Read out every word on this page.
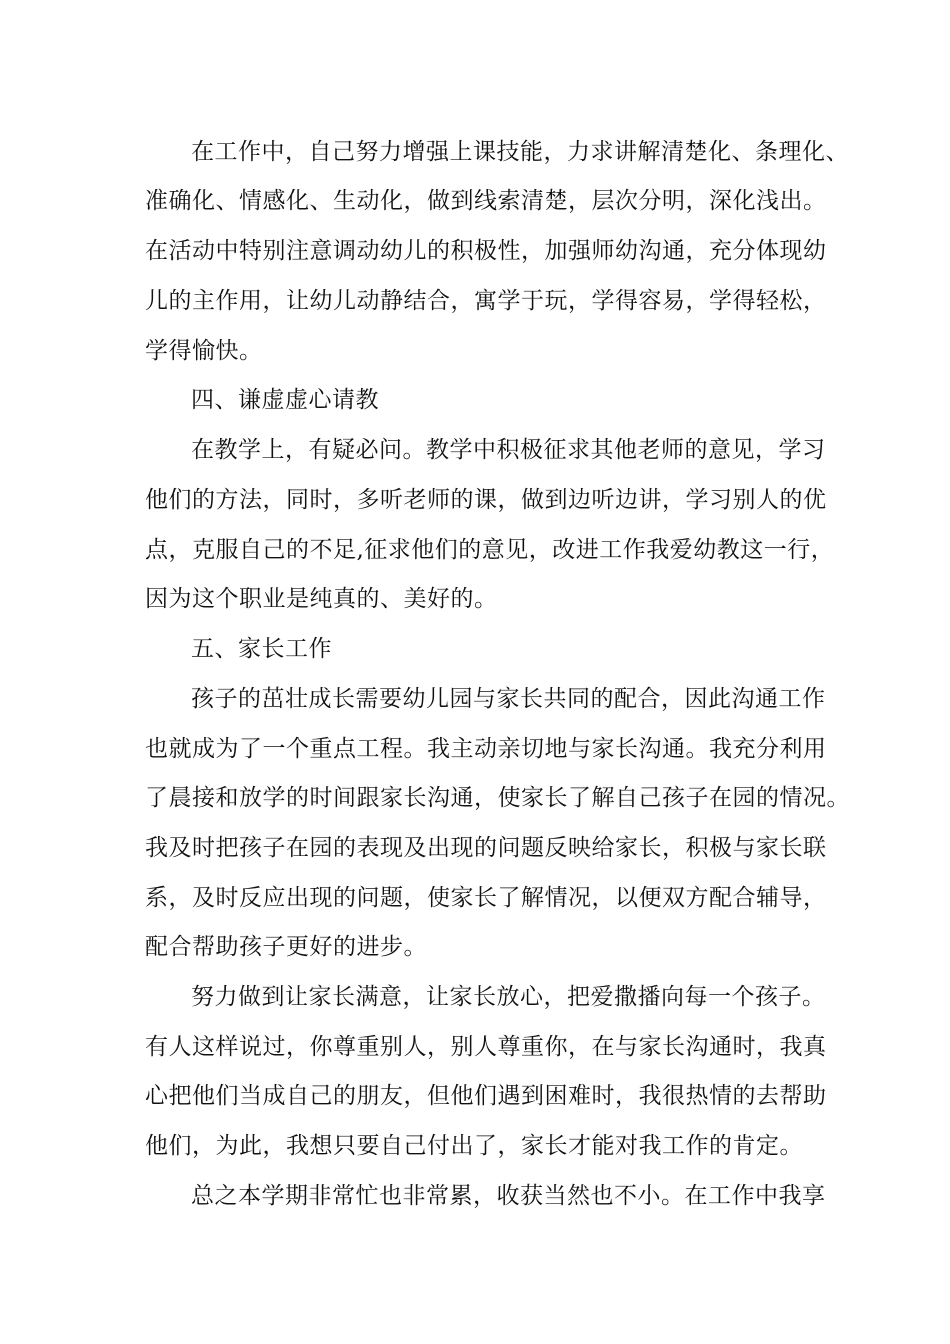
在工作中，自己努力增强上课技能，力求讲解清楚化、条理化、
准确化、情感化、生动化，做到线索清楚，层次分明，深化浅出。
在活动中特别注意调动幼儿的积极性，加强师幼沟通，充分体现幼
儿的主作用，让幼儿动静结合，寓学于玩，学得容易，学得轻松，
学得愉快。
四、谦虚虚心请教
在教学上，有疑必问。教学中积极征求其他老师的意见，学习
他们的方法，同时，多听老师的课，做到边听边讲，学习别人的优
点，克服自己的不足,征求他们的意见，改进工作我爱幼教这一行，
因为这个职业是纯真的、美好的。
五、家长工作
孩子的茁壮成长需要幼儿园与家长共同的配合，因此沟通工作
也就成为了一个重点工程。我主动亲切地与家长沟通。我充分利用
了晨接和放学的时间跟家长沟通，使家长了解自己孩子在园的情况。
我及时把孩子在园的表现及出现的问题反映给家长，积极与家长联
系，及时反应出现的问题，使家长了解情况，以便双方配合辅导，
配合帮助孩子更好的进步。
努力做到让家长满意，让家长放心，把爱撒播向每一个孩子。
有人这样说过，你尊重别人，别人尊重你，在与家长沟通时，我真
心把他们当成自己的朋友，但他们遇到困难时，我很热情的去帮助
他们，为此，我想只要自己付出了，家长才能对我工作的肯定。
总之本学期非常忙也非常累，收获当然也不小。在工作中我享
